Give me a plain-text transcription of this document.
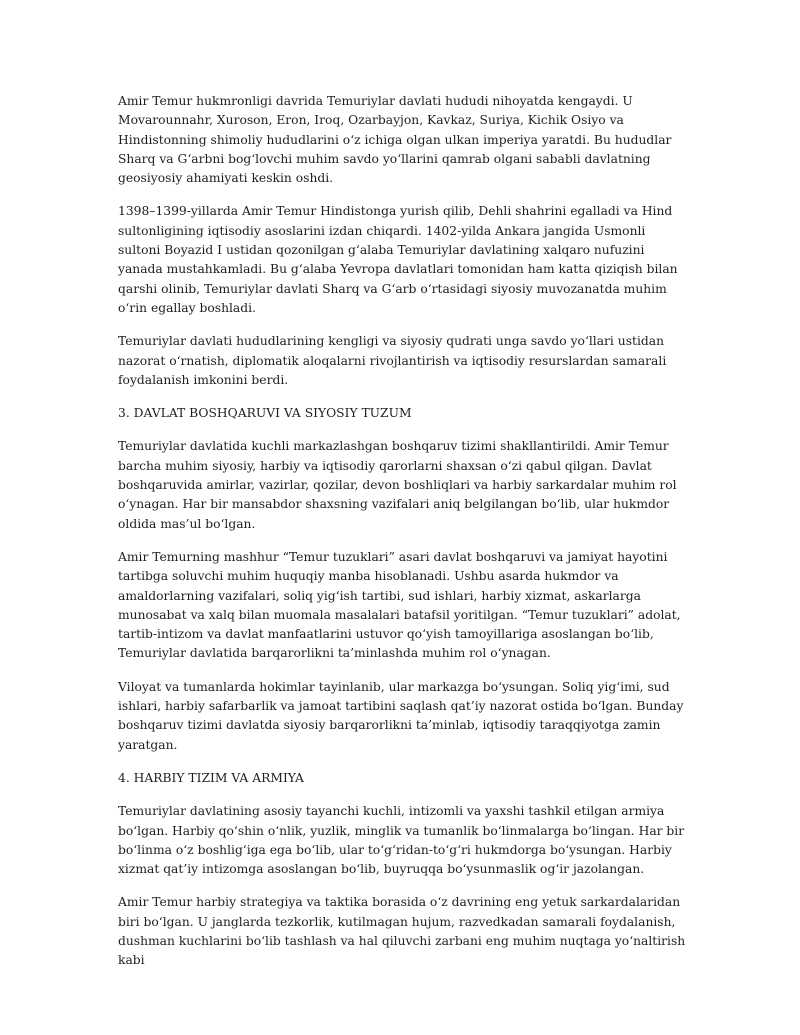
Amir Temur hukmronligi davrida Temuriylar davlati hududi nihoyatda kengaydi. U Movarounnahr, Xuroson, Eron, Iroq, Ozarbayjon, Kavkaz, Suriya, Kichik Osiyo va Hindistonning shimoliy hududlarini o‘z ichiga olgan ulkan imperiya yaratdi. Bu hududlar Sharq va G‘arbni bog‘lovchi muhim savdo yo‘llarini qamrab olgani sababli davlatning geosiyosiy ahamiyati keskin oshdi.

1398–1399-yillarda Amir Temur Hindistonga yurish qilib, Dehli shahrini egalladi va Hind sultonligining iqtisodiy asoslarini izdan chiqardi. 1402-yilda Ankara jangida Usmonli sultoni Boyazid I ustidan qozonilgan g‘alaba Temuriylar davlatining xalqaro nufuzini yanada mustahkamladi. Bu g‘alaba Yevropa davlatlari tomonidan ham katta qiziqish bilan qarshi olinib, Temuriylar davlati Sharq va G‘arb o‘rtasidagi siyosiy muvozanatda muhim o‘rin egallay boshladi.

Temuriylar davlati hududlarining kengligi va siyosiy qudrati unga savdo yo‘llari ustidan nazorat o‘rnatish, diplomatik aloqalarni rivojlantirish va iqtisodiy resurslardan samarali foydalanish imkonini berdi.

3. DAVLAT BOSHQARUVI VA SIYOSIY TUZUM

Temuriylar davlatida kuchli markazlashgan boshqaruv tizimi shakllantirildi. Amir Temur barcha muhim siyosiy, harbiy va iqtisodiy qarorlarni shaxsan o‘zi qabul qilgan. Davlat boshqaruvida amirlar, vazirlar, qozilar, devon boshliqlari va harbiy sarkardalar muhim rol o‘ynagan. Har bir mansabdor shaxsning vazifalari aniq belgilangan bo‘lib, ular hukmdor oldida mas’ul bo‘lgan.

Amir Temurning mashhur “Temur tuzuklari” asari davlat boshqaruvi va jamiyat hayotini tartibga soluvchi muhim huquqiy manba hisoblanadi. Ushbu asarda hukmdor va amaldorlarning vazifalari, soliq yig‘ish tartibi, sud ishlari, harbiy xizmat, askarlarga munosabat va xalq bilan muomala masalalari batafsil yoritilgan. “Temur tuzuklari” adolat, tartib-intizom va davlat manfaatlarini ustuvor qo‘yish tamoyillariga asoslangan bo‘lib, Temuriylar davlatida barqarorlikni ta’minlashda muhim rol o‘ynagan.

Viloyat va tumanlarda hokimlar tayinlanib, ular markazga bo‘ysungan. Soliq yig‘imi, sud ishlari, harbiy safarbarlik va jamoat tartibini saqlash qat’iy nazorat ostida bo‘lgan. Bunday boshqaruv tizimi davlatda siyosiy barqarorlikni ta’minlab, iqtisodiy taraqqiyotga zamin yaratgan.

4. HARBIY TIZIM VA ARMIYA

Temuriylar davlatining asosiy tayanchi kuchli, intizomli va yaxshi tashkil etilgan armiya bo‘lgan. Harbiy qo‘shin o‘nlik, yuzlik, minglik va tumanlik bo‘linmalarga bo‘lingan. Har bir bo‘linma o‘z boshlig‘iga ega bo‘lib, ular to‘g‘ridan-to‘g‘ri hukmdorga bo‘ysungan. Harbiy xizmat qat’iy intizomga asoslangan bo‘lib, buyruqqa bo‘ysunmaslik og‘ir jazolangan.

Amir Temur harbiy strategiya va taktika borasida o‘z davrining eng yetuk sarkardalaridan biri bo‘lgan. U janglarda tezkorlik, kutilmagan hujum, razvedkadan samarali foydalanish, dushman kuchlarini bo‘lib tashlash va hal qiluvchi zarbani eng muhim nuqtaga yo‘naltirish kabi
